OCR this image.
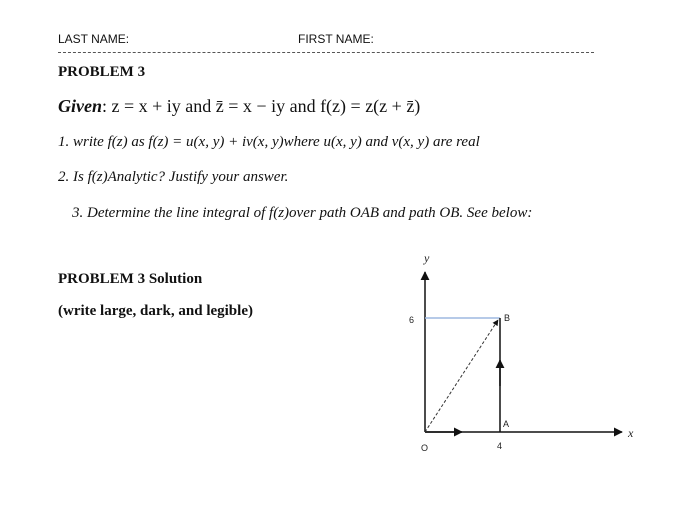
LAST NAME:	FIRST NAME:
PROBLEM 3
Given: z = x + iy and z̄ = x − iy and f(z) = z(z + z̄)
1. write f(z) as f(z) = u(x, y) + iv(x, y)where u(x, y) and v(x, y) are real
2. Is f(z)Analytic? Justify your answer.
3. Determine the line integral of f(z)over path OAB and path OB. See below:
PROBLEM 3 Solution
(write large, dark, and legible)
y
x
O	4
6
A
B
